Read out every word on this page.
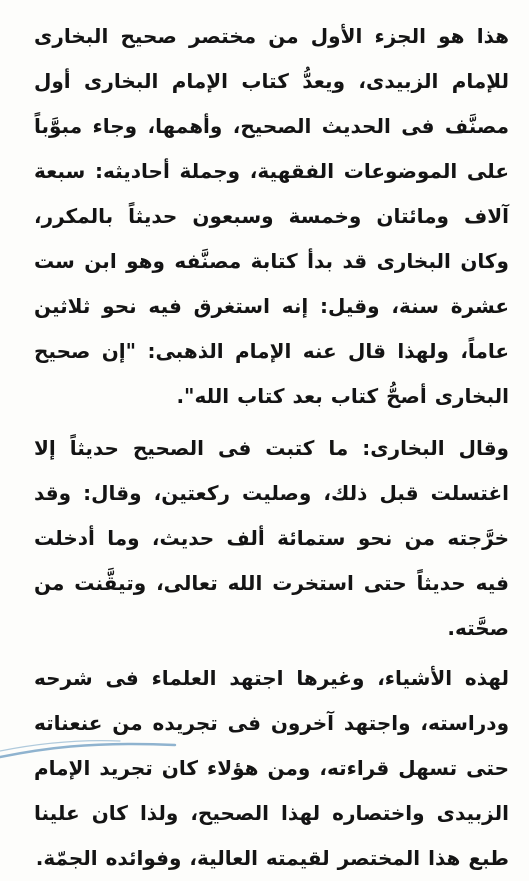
هذا هو الجزء الأول من مختصر صحيح البخارى للإمام الزبيدى، ويعدُّ كتاب الإمام البخارى أول مصنَّف فى الحديث الصحيح، وأهمها، وجاء مبوَّباً على الموضوعات الفقهية، وجملة أحاديثه: سبعة آلاف ومائتان وخمسة وسبعون حديثاً بالمكرر، وكان البخارى قد بدأ كتابة مصنَّفه وهو ابن ست عشرة سنة، وقيل: إنه استغرق فيه نحو ثلاثين عاماً، ولهذا قال عنه الإمام الذهبى: "إن صحيح البخارى أصحُّ كتاب بعد كتاب الله".

وقال البخارى: ما كتبت فى الصحيح حديثاً إلا اغتسلت قبل ذلك، وصليت ركعتين، وقال: وقد خرَّجته من نحو ستمائة ألف حديث، وما أدخلت فيه حديثاً حتى استخرت الله تعالى، وتيقَّنت من صحَّته.

لهذه الأشياء، وغيرها اجتهد العلماء فى شرحه ودراسته، واجتهد آخرون فى تجريده من عنعناته حتى تسهل قراءته، ومن هؤلاء كان تجريد الإمام الزبيدى واختصاره لهذا الصحيح، ولذا كان علينا طبع هذا المختصر لقيمته العالية، وفوائده الجمّة.
